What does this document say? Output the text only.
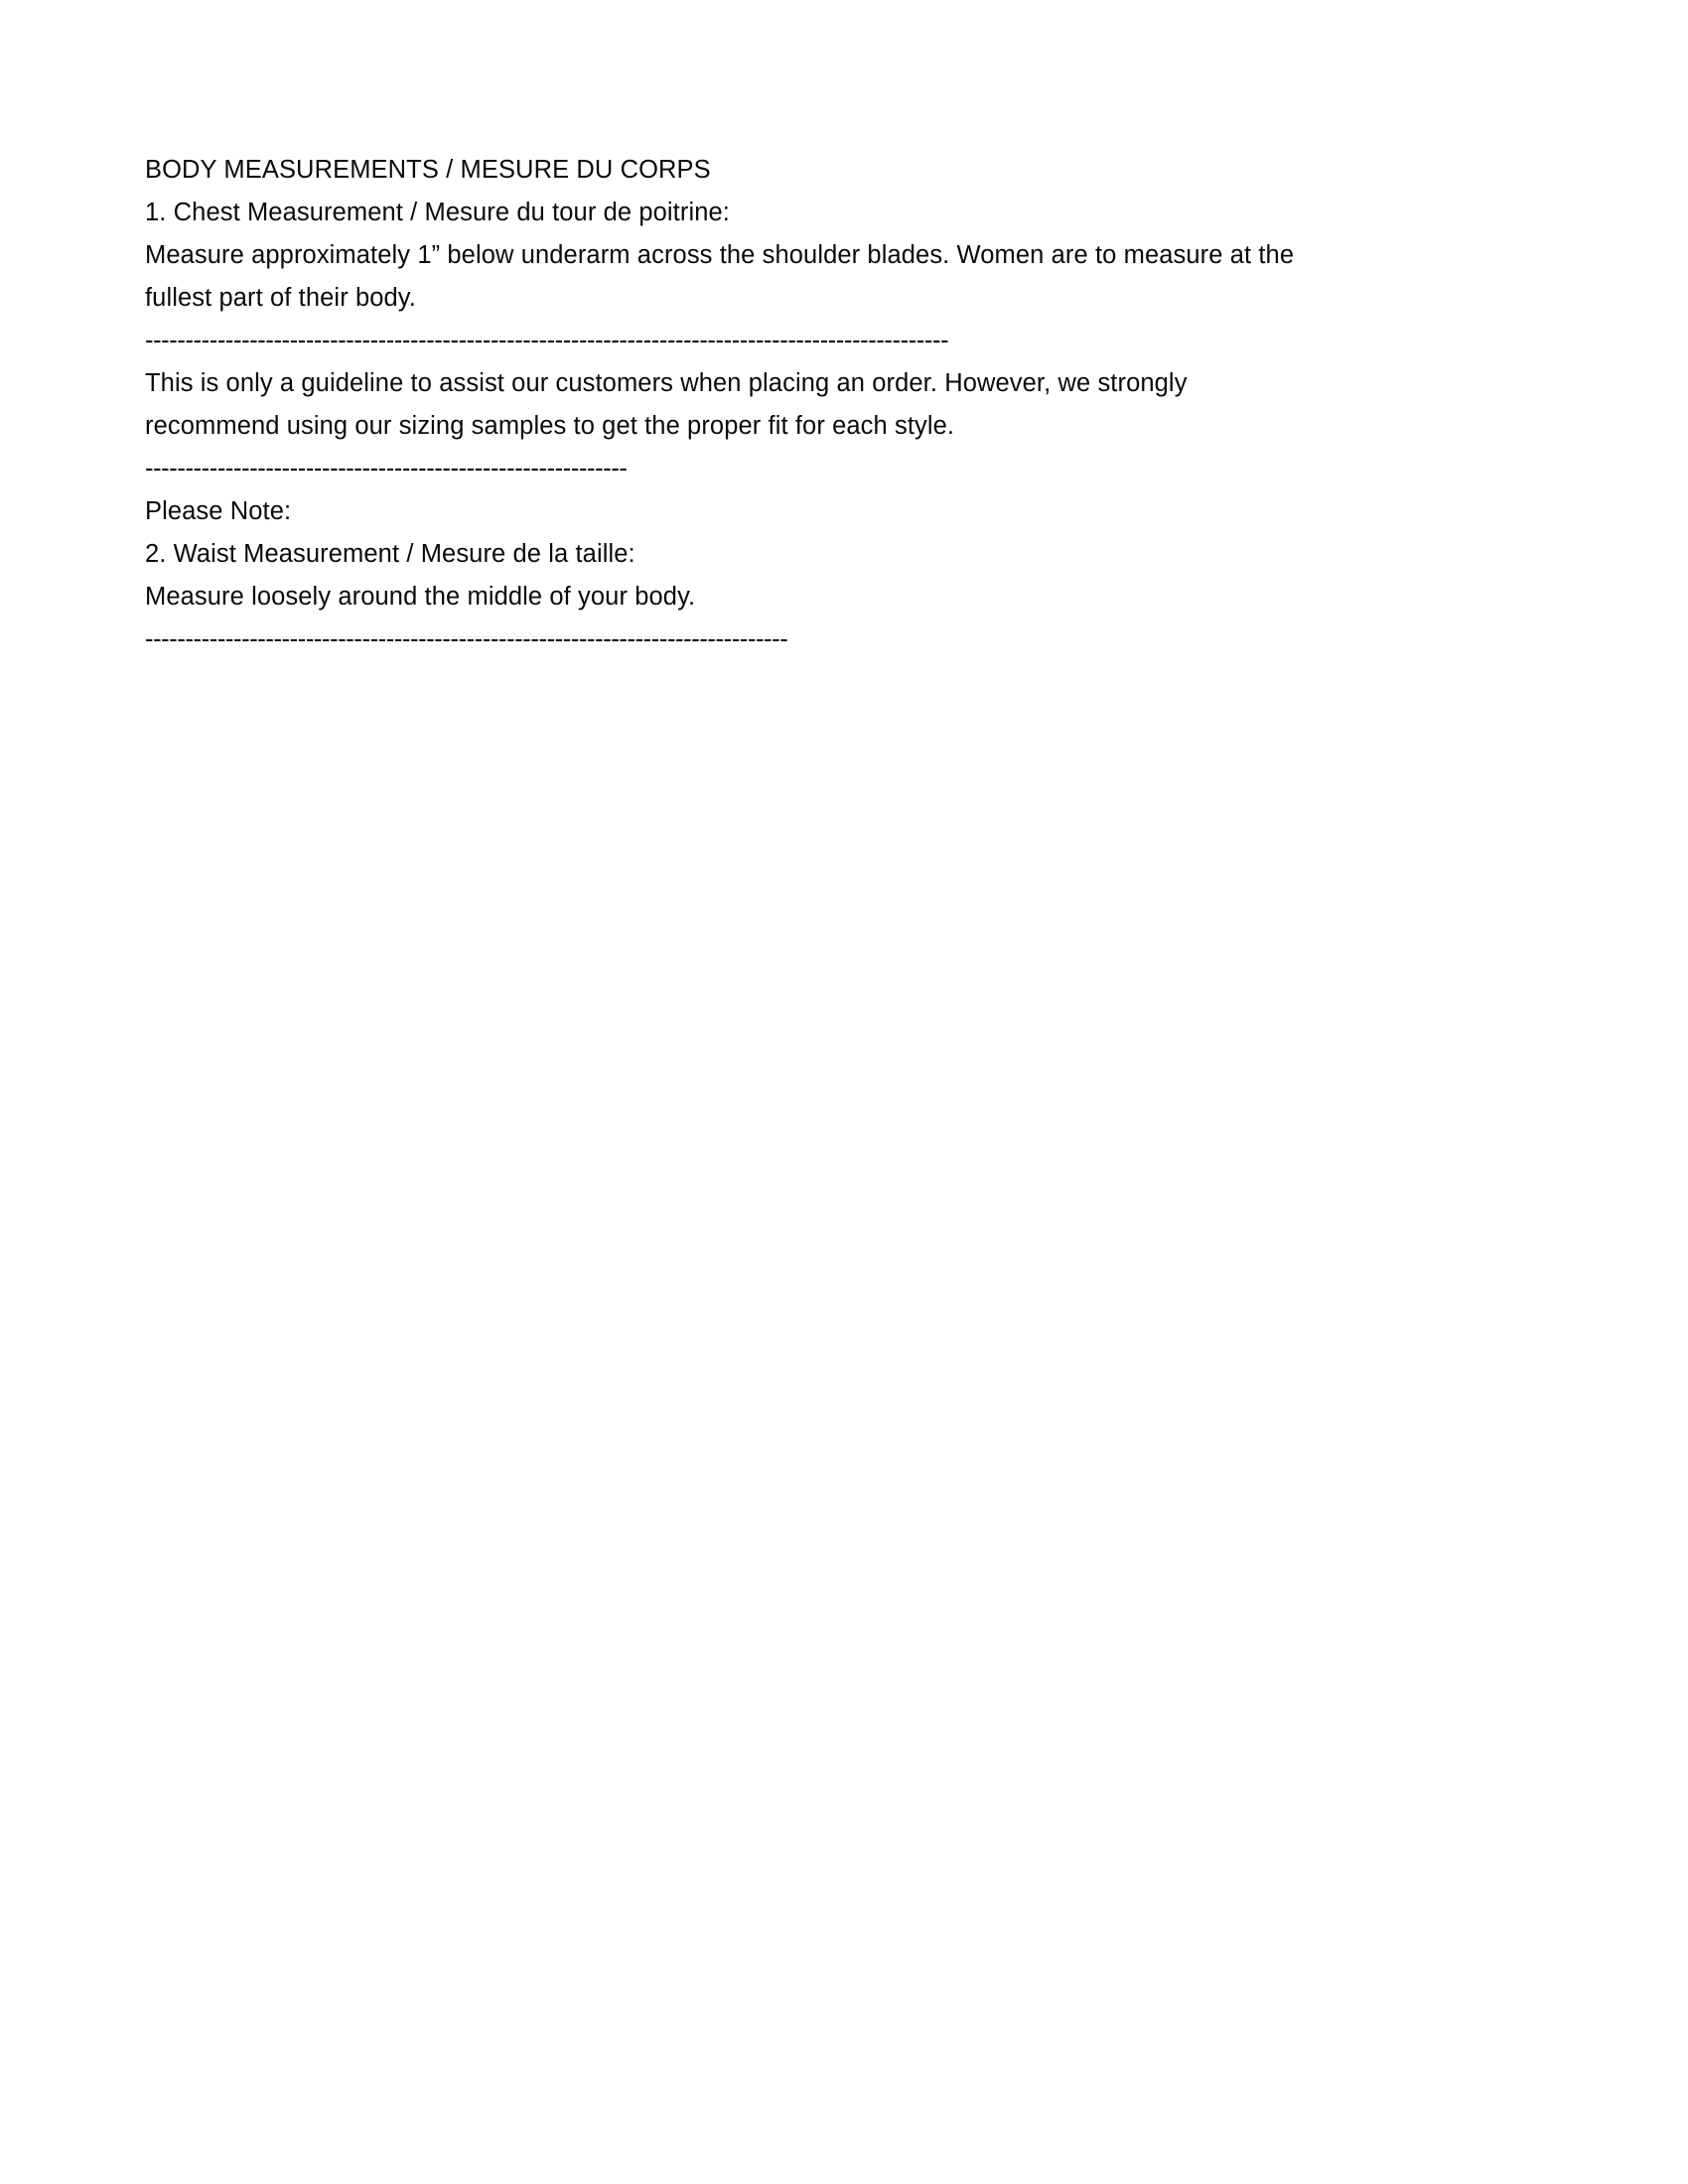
BODY MEASUREMENTS / MESURE DU CORPS
1. Chest Measurement / Mesure du tour de poitrine:
Measure approximately 1” below underarm across the shoulder blades. Women are to measure at the fullest part of their body.
----------------------------------------------------------------------------------------------------
This is only a guideline to assist our customers when placing an order. However, we strongly recommend using our sizing samples to get the proper fit for each style.
------------------------------------------------------------
Please Note:
2. Waist Measurement / Mesure de la taille:
Measure loosely around the middle of your body.
--------------------------------------------------------------------------------
